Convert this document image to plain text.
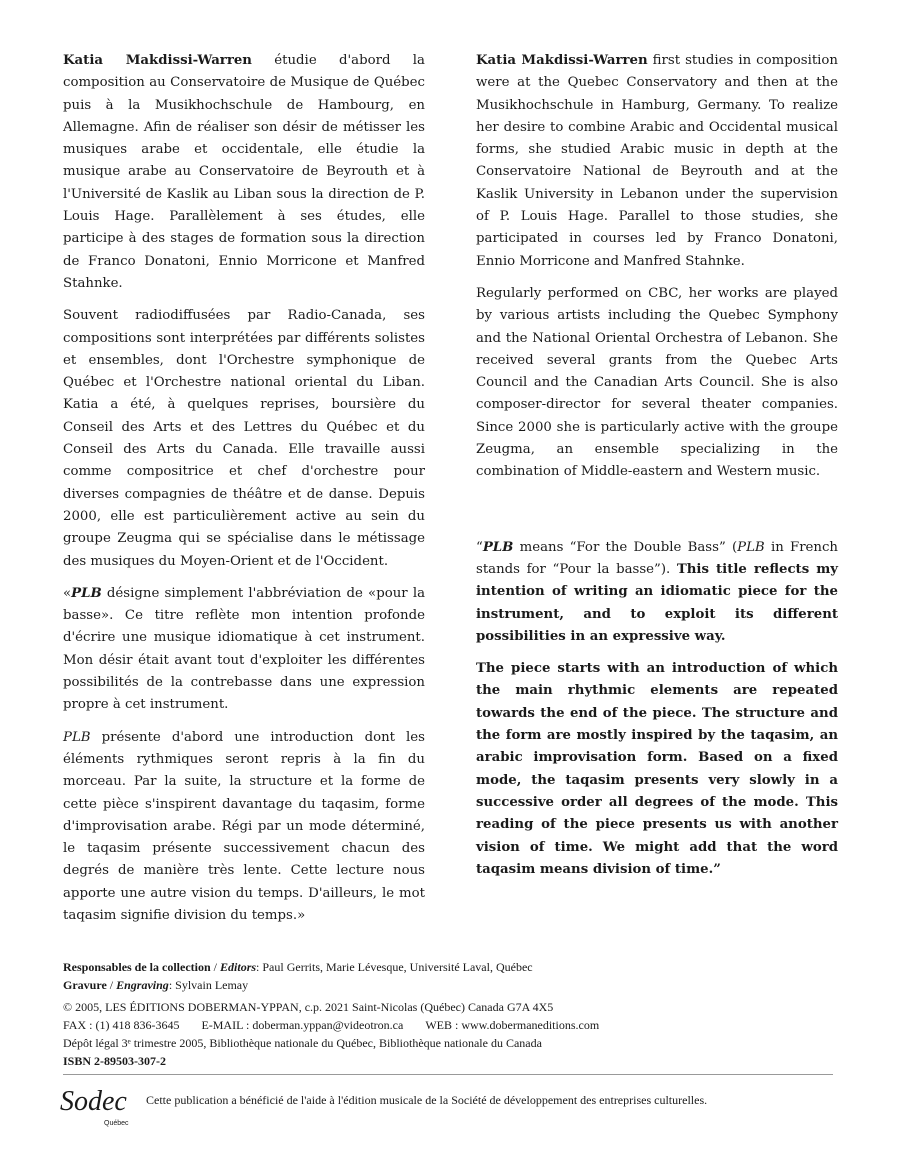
Katia Makdissi-Warren étudie d'abord la composition au Conservatoire de Musique de Québec puis à la Musikhochschule de Hambourg, en Allemagne. Afin de réaliser son désir de métisser les musiques arabe et occidentale, elle étudie la musique arabe au Conservatoire de Beyrouth et à l'Université de Kaslik au Liban sous la direction de P. Louis Hage. Parallèlement à ses études, elle participe à des stages de formation sous la direction de Franco Donatoni, Ennio Morricone et Manfred Stahnke.

Souvent radiodiffusées par Radio-Canada, ses compositions sont interprétées par différents solistes et ensembles, dont l'Orchestre symphonique de Québec et l'Orchestre national oriental du Liban. Katia a été, à quelques reprises, boursière du Conseil des Arts et des Lettres du Québec et du Conseil des Arts du Canada. Elle travaille aussi comme compositrice et chef d'orchestre pour diverses compagnies de théâtre et de danse. Depuis 2000, elle est particulièrement active au sein du groupe Zeugma qui se spécialise dans le métissage des musiques du Moyen-Orient et de l'Occident.

«PLB désigne simplement l'abbréviation de «pour la basse». Ce titre reflète mon intention profonde d'écrire une musique idiomatique à cet instrument. Mon désir était avant tout d'exploiter les différentes possibilités de la contrebasse dans une expression propre à cet instrument.

PLB présente d'abord une introduction dont les éléments rythmiques seront repris à la fin du morceau. Par la suite, la structure et la forme de cette pièce s'inspirent davantage du taqasim, forme d'improvisation arabe. Régi par un mode déterminé, le taqasim présente successivement chacun des degrés de manière très lente. Cette lecture nous apporte une autre vision du temps. D'ailleurs, le mot taqasim signifie division du temps.»

Katia Makdissi-Warren first studies in composition were at the Quebec Conservatory and then at the Musikhochschule in Hamburg, Germany. To realize her desire to combine Arabic and Occidental musical forms, she studied Arabic music in depth at the Conservatoire National de Beyrouth and at the Kaslik University in Lebanon under the supervision of P. Louis Hage. Parallel to those studies, she participated in courses led by Franco Donatoni, Ennio Morricone and Manfred Stahnke.

Regularly performed on CBC, her works are played by various artists including the Quebec Symphony and the National Oriental Orchestra of Lebanon. She received several grants from the Quebec Arts Council and the Canadian Arts Council. She is also composer-director for several theater companies. Since 2000 she is particularly active with the groupe Zeugma, an ensemble specializing in the combination of Middle-eastern and Western music.

“PLB means “For the Double Bass” (PLB in French stands for “Pour la basse”). This title reflects my intention of writing an idiomatic piece for the instrument, and to exploit its different possibilities in an expressive way.

The piece starts with an introduction of which the main rhythmic elements are repeated towards the end of the piece. The structure and the form are mostly inspired by the taqasim, an arabic improvisation form. Based on a fixed mode, the taqasim presents very slowly in a successive order all degrees of the mode. This reading of the piece presents us with another vision of time. We might add that the word taqasim means division of time.”

Responsables de la collection / Editors: Paul Gerrits, Marie Lévesque, Université Laval, Québec
Gravure / Engraving: Sylvain Lemay
© 2005, LES ÉDITIONS DOBERMAN-YPPAN, c.p. 2021 Saint-Nicolas (Québec) Canada G7A 4X5
FAX : (1) 418 836-3645 E-MAIL : doberman.yppan@videotron.ca WEB : www.dobermaneditions.com
Dépôt légal 3ᵉ trimestre 2005, Bibliothèque nationale du Québec, Bibliothèque nationale du Canada
ISBN 2-89503-307-2
Sodec
Québec
Cette publication a bénéficié de l'aide à l'édition musicale de la Société de développement des entreprises culturelles.
